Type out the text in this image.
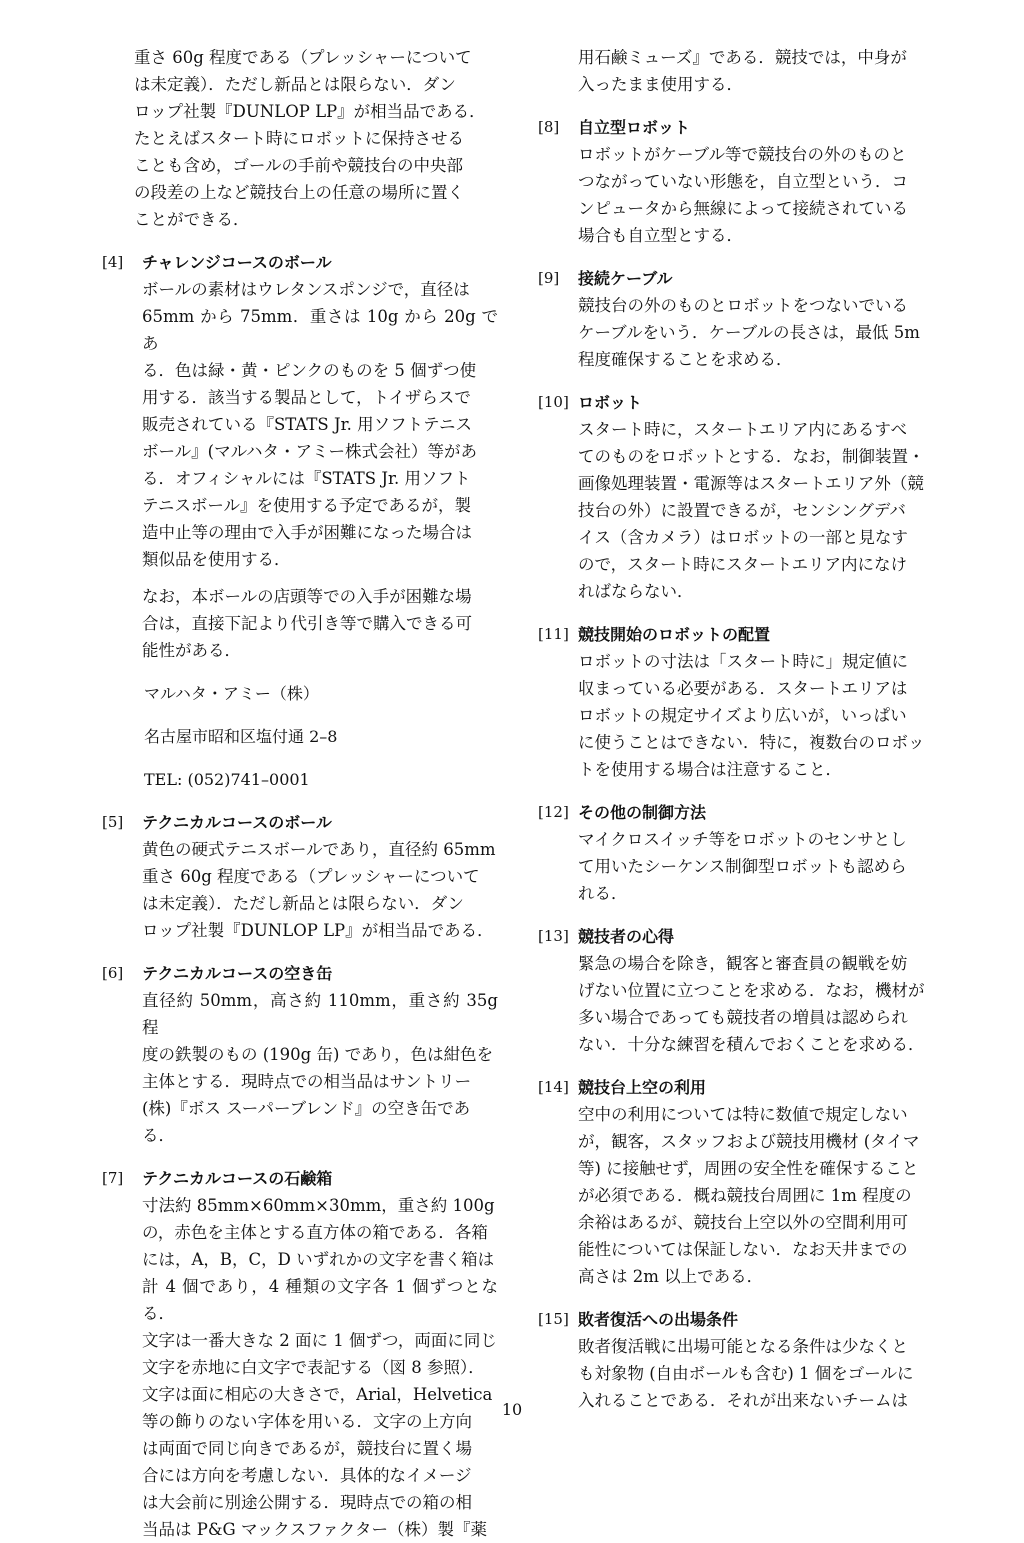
重さ 60g 程度である（プレッシャーについて

は未定義）．ただし新品とは限らない．ダン

ロップ社製『DUNLOP LP』が相当品である．

たとえばスタート時にロボットに保持させる

ことも含め，ゴールの手前や競技台の中央部

の段差の上など競技台上の任意の場所に置く

ことができる．

[4]	チャレンジコースのボール

ボールの素材はウレタンスポンジで，直径は

65mm から 75mm．重さは 10g から 20g であ

る．色は緑・黄・ピンクのものを 5 個ずつ使

用する．該当する製品として，トイザらスで

販売されている『STATS Jr. 用ソフトテニス

ボール』(マルハタ・アミー株式会社）等があ

る．オフィシャルには『STATS Jr. 用ソフト

テニスボール』を使用する予定であるが，製

造中止等の理由で入手が困難になった場合は

類似品を使用する．

なお，本ボールの店頭等での入手が困難な場

合は，直接下記より代引き等で購入できる可

能性がある．

マルハタ・アミー（株）

名古屋市昭和区塩付通 2–8

TEL: (052)741–0001

[5]	テクニカルコースのボール

黄色の硬式テニスボールであり，直径約 65mm

重さ 60g 程度である（プレッシャーについて

は未定義）．ただし新品とは限らない．ダン

ロップ社製『DUNLOP LP』が相当品である．

[6]	テクニカルコースの空き缶

直径約 50mm，高さ約 110mm，重さ約 35g 程

度の鉄製のもの (190g 缶) であり，色は紺色を

主体とする．現時点での相当品はサントリー

(株)『ボス スーパーブレンド』の空き缶であ

る．

[7]	テクニカルコースの石鹸箱

寸法約 85mm×60mm×30mm，重さ約 100g

の，赤色を主体とする直方体の箱である．各箱

には，A，B，C，D いずれかの文字を書く箱は

計 4 個であり，4 種類の文字各 1 個ずつとなる．

文字は一番大きな 2 面に 1 個ずつ，両面に同じ

文字を赤地に白文字で表記する（図 8 参照）．

文字は面に相応の大きさで，Arial，Helvetica

等の飾りのない字体を用いる．文字の上方向

は両面で同じ向きであるが，競技台に置く場

合には方向を考慮しない．具体的なイメージ

は大会前に別途公開する．現時点での箱の相

当品は P&G マックスファクター（株）製『薬

用石鹸ミューズ』である．競技では，中身が

入ったまま使用する．

[8]	自立型ロボット

ロボットがケーブル等で競技台の外のものと

つながっていない形態を，自立型という．コ

ンピュータから無線によって接続されている

場合も自立型とする．

[9]	接続ケーブル

競技台の外のものとロボットをつないでいる

ケーブルをいう．ケーブルの長さは，最低 5m

程度確保することを求める．

[10] ロボット

スタート時に，スタートエリア内にあるすべ

てのものをロボットとする．なお，制御装置・

画像処理装置・電源等はスタートエリア外（競

技台の外）に設置できるが，センシングデバ

イス（含カメラ）はロボットの一部と見なす

ので，スタート時にスタートエリア内になけ

ればならない．

[11] 競技開始のロボットの配置

ロボットの寸法は「スタート時に」規定値に

収まっている必要がある．スタートエリアは

ロボットの規定サイズより広いが，いっぱい

に使うことはできない．特に，複数台のロボッ

トを使用する場合は注意すること．

[12] その他の制御方法

マイクロスイッチ等をロボットのセンサとし

て用いたシーケンス制御型ロボットも認めら

れる．

[13] 競技者の心得

緊急の場合を除き，観客と審査員の観戦を妨

げない位置に立つことを求める．なお，機材が

多い場合であっても競技者の増員は認められ

ない．十分な練習を積んでおくことを求める．

[14] 競技台上空の利用

空中の利用については特に数値で規定しない

が，観客，スタッフおよび競技用機材 (タイマ

等) に接触せず，周囲の安全性を確保すること

が必須である．概ね競技台周囲に 1m 程度の

余裕はあるが、競技台上空以外の空間利用可

能性については保証しない．なお天井までの

高さは 2m 以上である．

[15] 敗者復活への出場条件

敗者復活戦に出場可能となる条件は少なくと

も対象物 (自由ボールも含む) 1 個をゴールに

入れることである．それが出来ないチームは

10
